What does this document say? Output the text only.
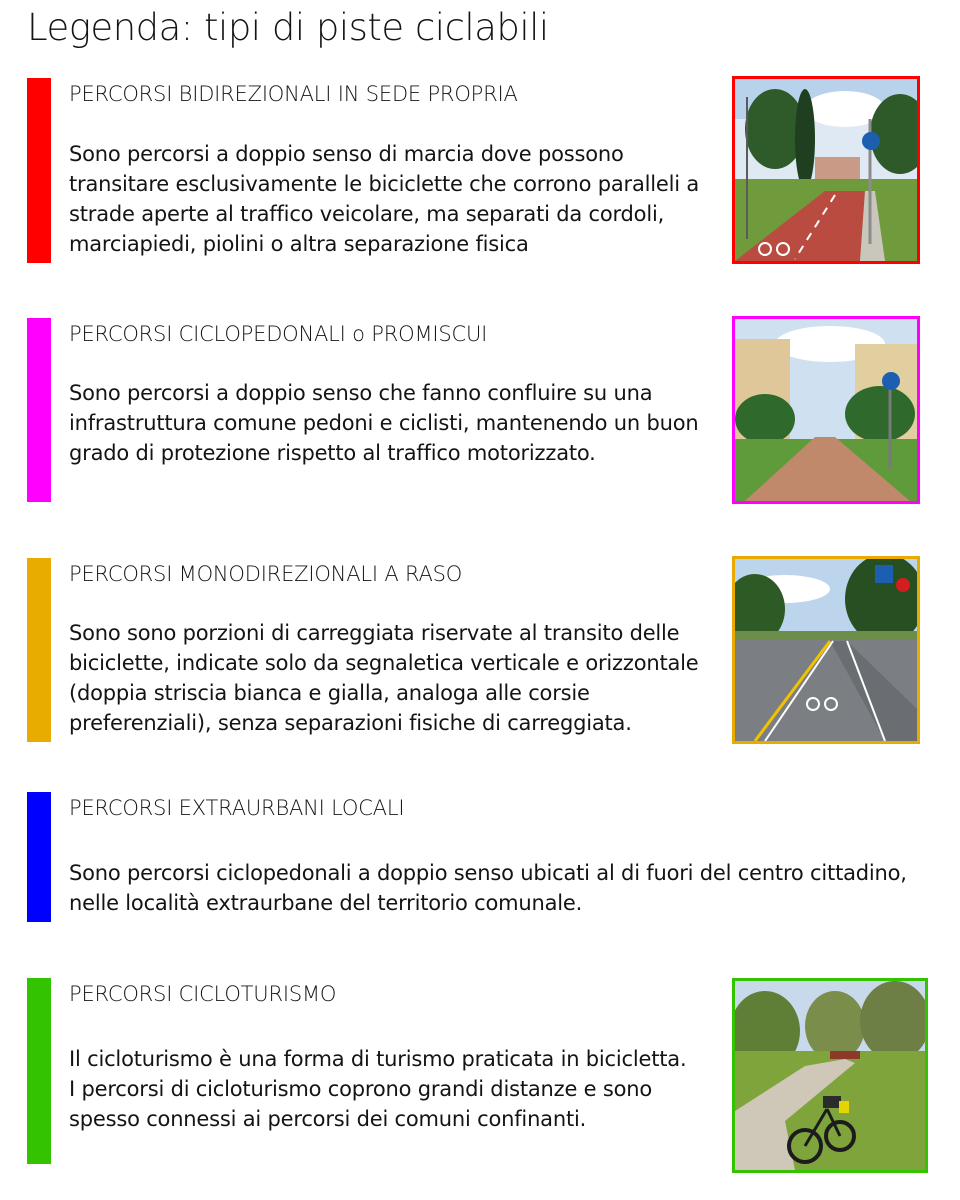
Legenda: tipi di piste ciclabili
PERCORSI BIDIREZIONALI IN SEDE PROPRIA

Sono percorsi a doppio senso di marcia dove possono
transitare esclusivamente le biciclette che corrono paralleli a
strade aperte al traffico veicolare, ma separati da cordoli,
marciapiedi, piolini o altra separazione fisica

PERCORSI CICLOPEDONALI o PROMISCUI

Sono percorsi a doppio senso che fanno confluire su una
infrastruttura comune pedoni e ciclisti, mantenendo un buon
grado di protezione rispetto al traffico motorizzato.

PERCORSI MONODIREZIONALI A RASO

Sono sono porzioni di carreggiata riservate al transito delle
biciclette, indicate solo da segnaletica verticale e orizzontale
(doppia striscia bianca e gialla, analoga alle corsie
preferenziali), senza separazioni fisiche di carreggiata.

PERCORSI EXTRAURBANI LOCALI

Sono percorsi ciclopedonali a doppio senso ubicati al di fuori del centro cittadino,
nelle località extraurbane del territorio comunale.

PERCORSI CICLOTURISMO

Il cicloturismo è una forma di turismo praticata in bicicletta.
I percorsi di cicloturismo coprono grandi distanze e sono
spesso connessi ai percorsi dei comuni confinanti.
